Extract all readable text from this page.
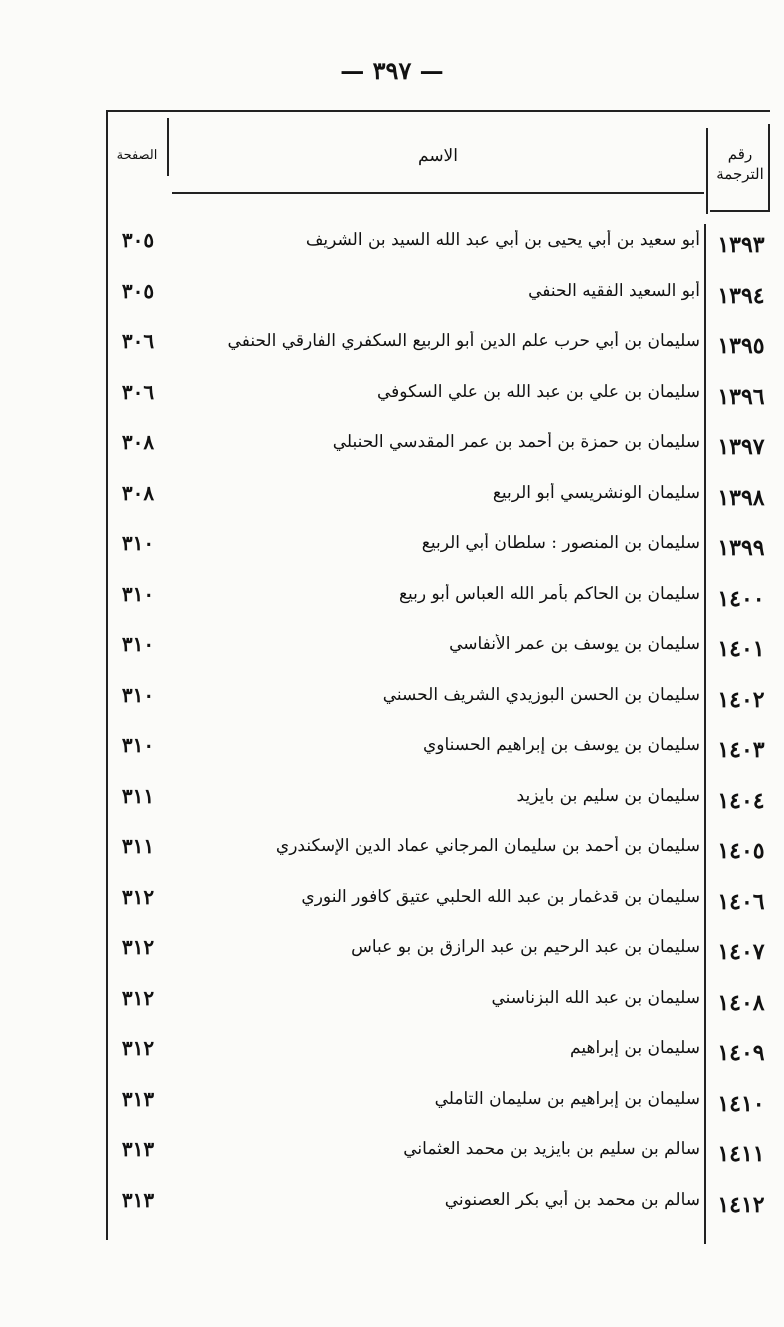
— ٣٩٧ —
رقم الترجمة
الاسم
الصفحة
١٣٩٣
أبو سعيد بن أبي يحيى بن أبي عبد الله السيد بن الشريف
٣٠٥
١٣٩٤
أبو السعيد الفقيه الحنفي
٣٠٥
١٣٩٥
سليمان بن أبي حرب علم الدين أبو الربيع السكفري الفارقي الحنفي
٣٠٦
١٣٩٦
سليمان بن علي بن عبد الله بن علي السكوفي
٣٠٦
١٣٩٧
سليمان بن حمزة بن أحمد بن عمر المقدسي الحنبلي
٣٠٨
١٣٩٨
سليمان الونشريسي أبو الربيع
٣٠٨
١٣٩٩
سليمان بن المنصور : سلطان أبي الربيع
٣١٠
١٤٠٠
سليمان بن الحاكم بأمر الله العباس أبو ربيع
٣١٠
١٤٠١
سليمان بن يوسف بن عمر الأنفاسي
٣١٠
١٤٠٢
سليمان بن الحسن البوزيدي الشريف الحسني
٣١٠
١٤٠٣
سليمان بن يوسف بن إبراهيم الحسناوي
٣١٠
١٤٠٤
سليمان بن سليم بن بايزيد
٣١١
١٤٠٥
سليمان بن أحمد بن سليمان المرجاني عماد الدين الإسكندري
٣١١
١٤٠٦
سليمان بن قدغمار بن عبد الله الحلبي عتيق كافور النوري
٣١٢
١٤٠٧
سليمان بن عبد الرحيم بن عبد الرازق بن بو عباس
٣١٢
١٤٠٨
سليمان بن عبد الله البزناسني
٣١٢
١٤٠٩
سليمان بن إبراهيم
٣١٢
١٤١٠
سليمان بن إبراهيم بن سليمان التاملي
٣١٣
١٤١١
سالم بن سليم بن بايزيد بن محمد العثماني
٣١٣
١٤١٢
سالم بن محمد بن أبي بكر العصنوني
٣١٣
